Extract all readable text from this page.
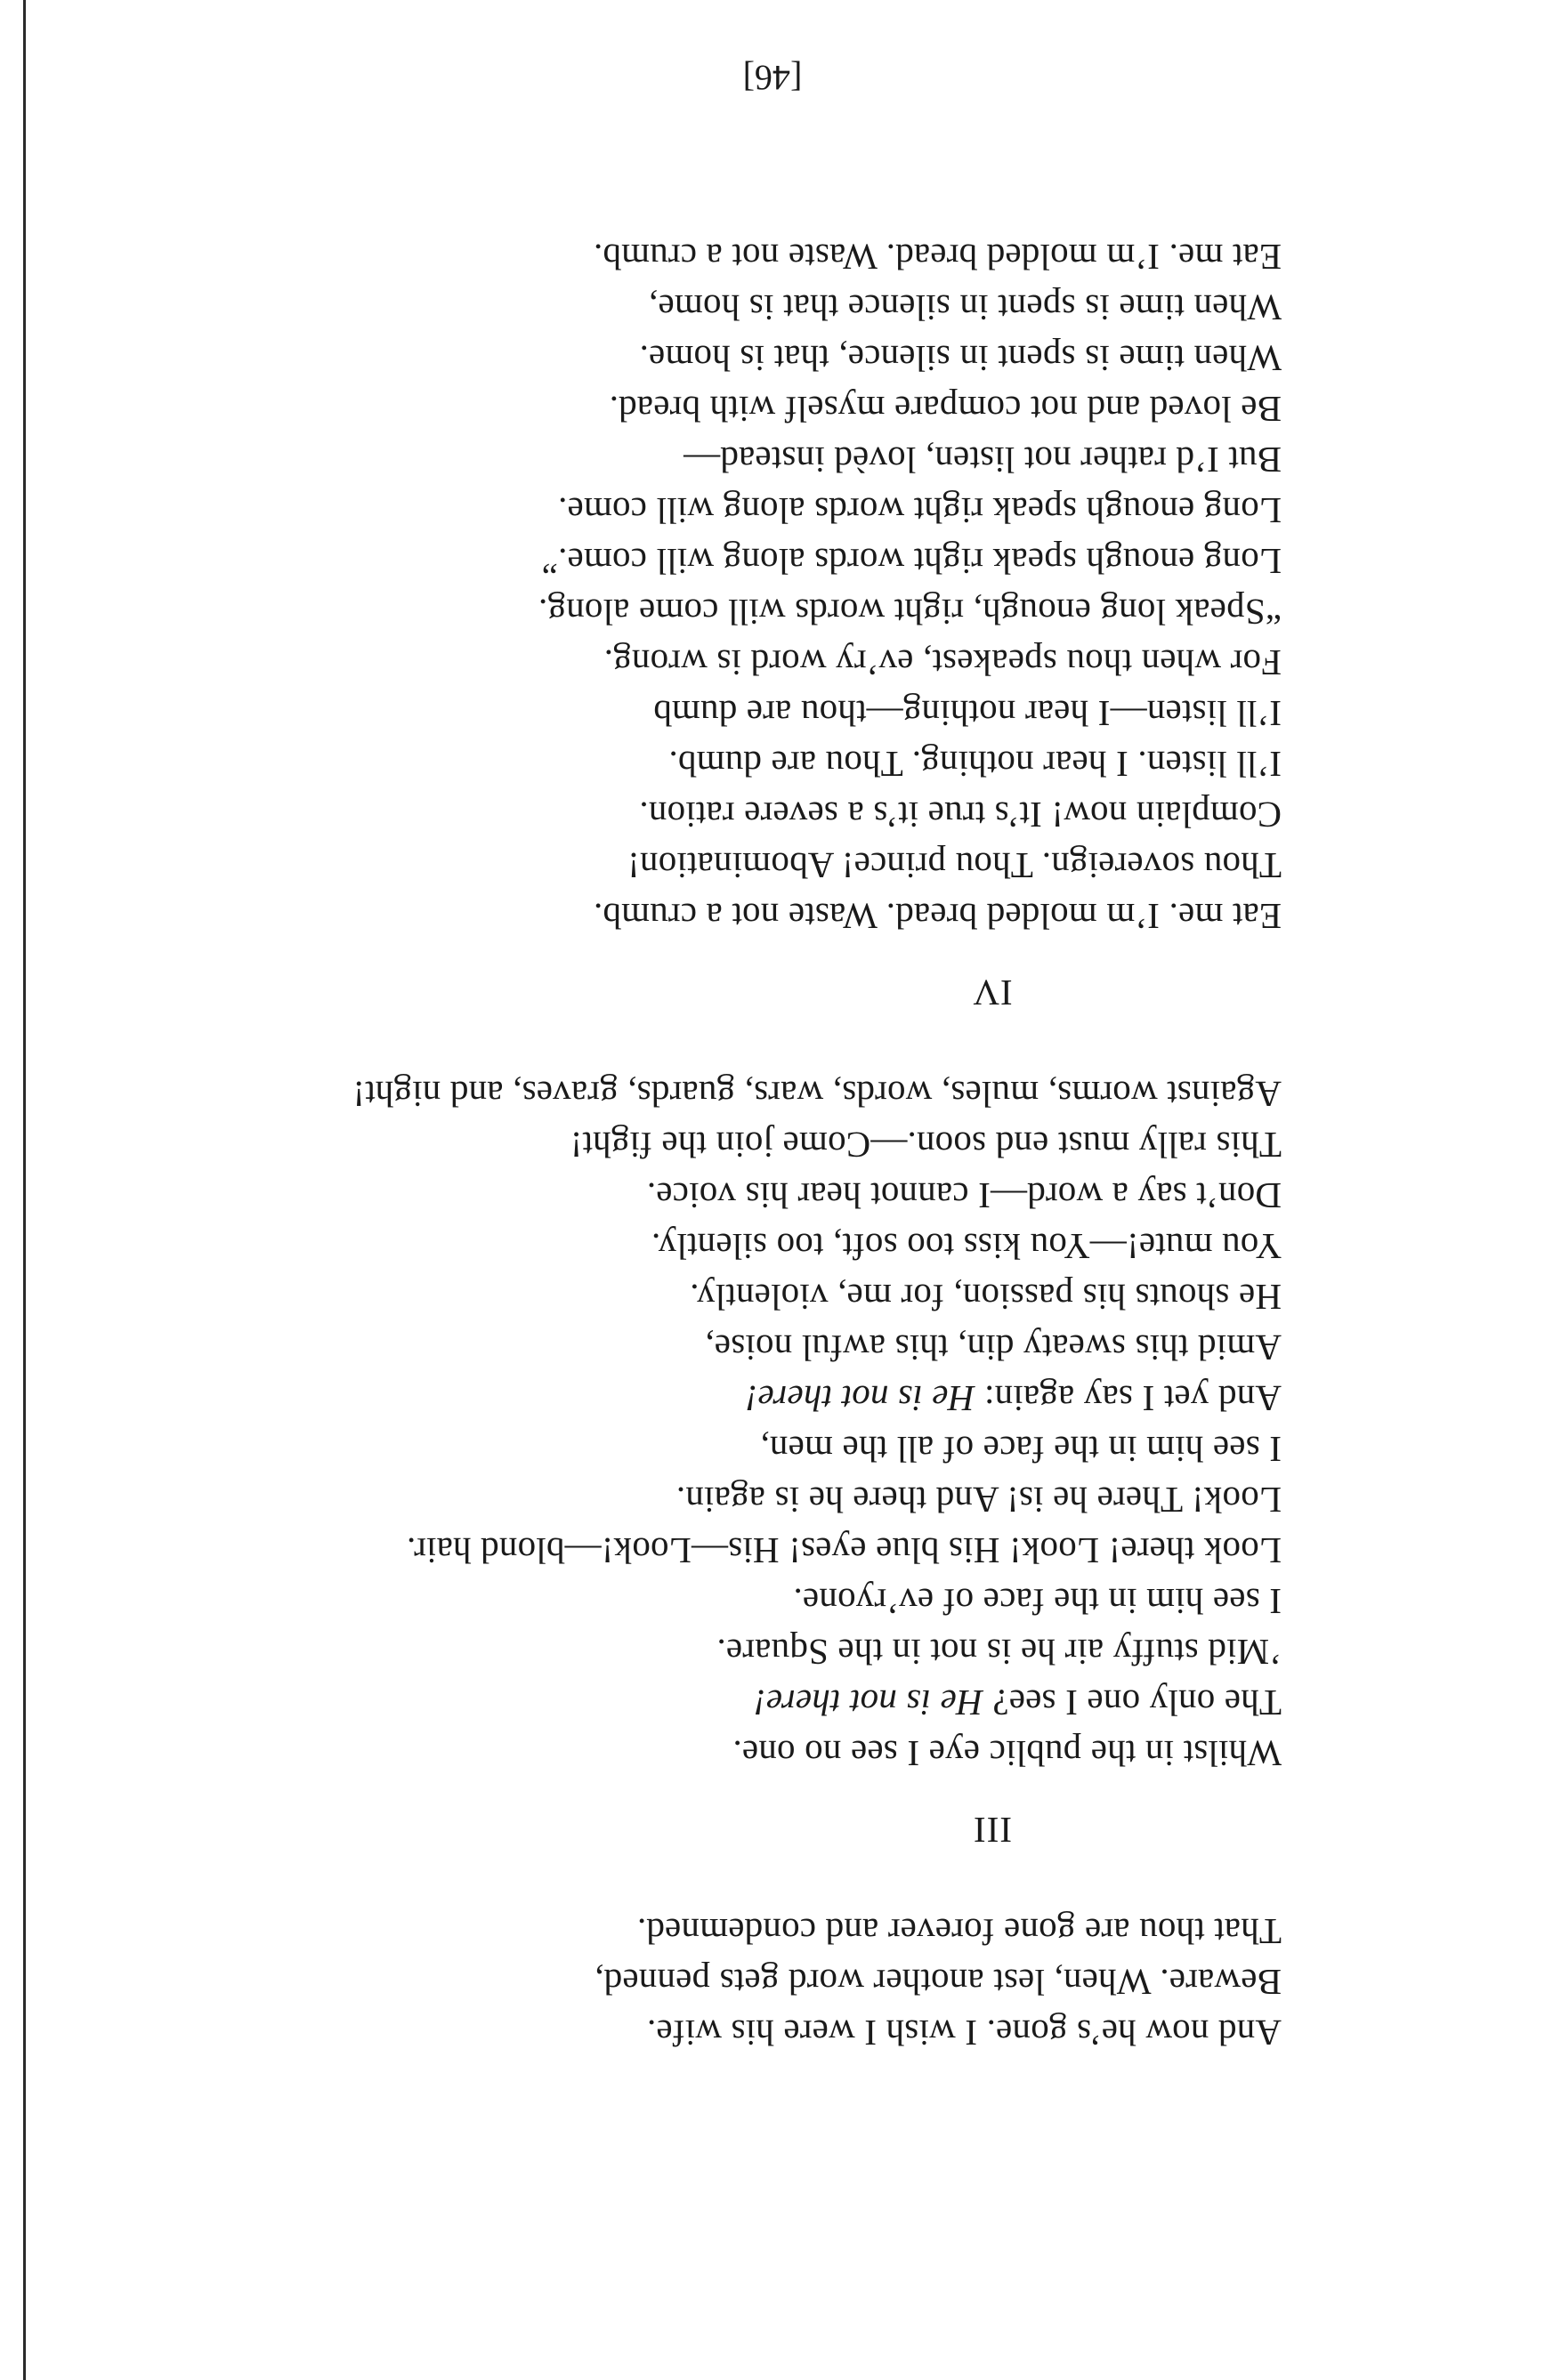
[46]
And now he’s gone. I wish I were his wife.
Beware. When, lest another word gets penned,
That thou are gone forever and condemned.
III
Whilst in the public eye I see no one.
The only one I see? He is not there!
’Mid stuffy air he is not in the Square.
I see him in the face of ev’ryone.
Look there! Look! His blue eyes! His—Look!—blond hair.
Look! There he is! And there he is again.
I see him in the face of all the men,
And yet I say again: He is not there!
Amid this sweaty din, this awful noise,
He shouts his passion, for me, violently.
You mute!—You kiss too soft, too silently.
Don’t say a word—I cannot hear his voice.
This rally must end soon.—Come join the fight!
Against worms, mules, words, wars, guards, graves, and night!
IV
Eat me. I’m molded bread. Waste not a crumb.
Thou sovereign. Thou prince! Abomination!
Complain now! It’s true it’s a severe ration.
I’ll listen. I hear nothing. Thou are dumb.
I’ll listen—I hear nothing—thou are dumb
For when thou speakest, ev’ry word is wrong.
“Speak long enough, right words will come along.
Long enough speak right words along will come.”
Long enough speak right words along will come.
But I’d rather not listen, lovèd instead—
Be loved and not compare myself with bread.
When time is spent in silence, that is home.
When time is spent in silence that is home,
Eat me. I’m molded bread. Waste not a crumb.
